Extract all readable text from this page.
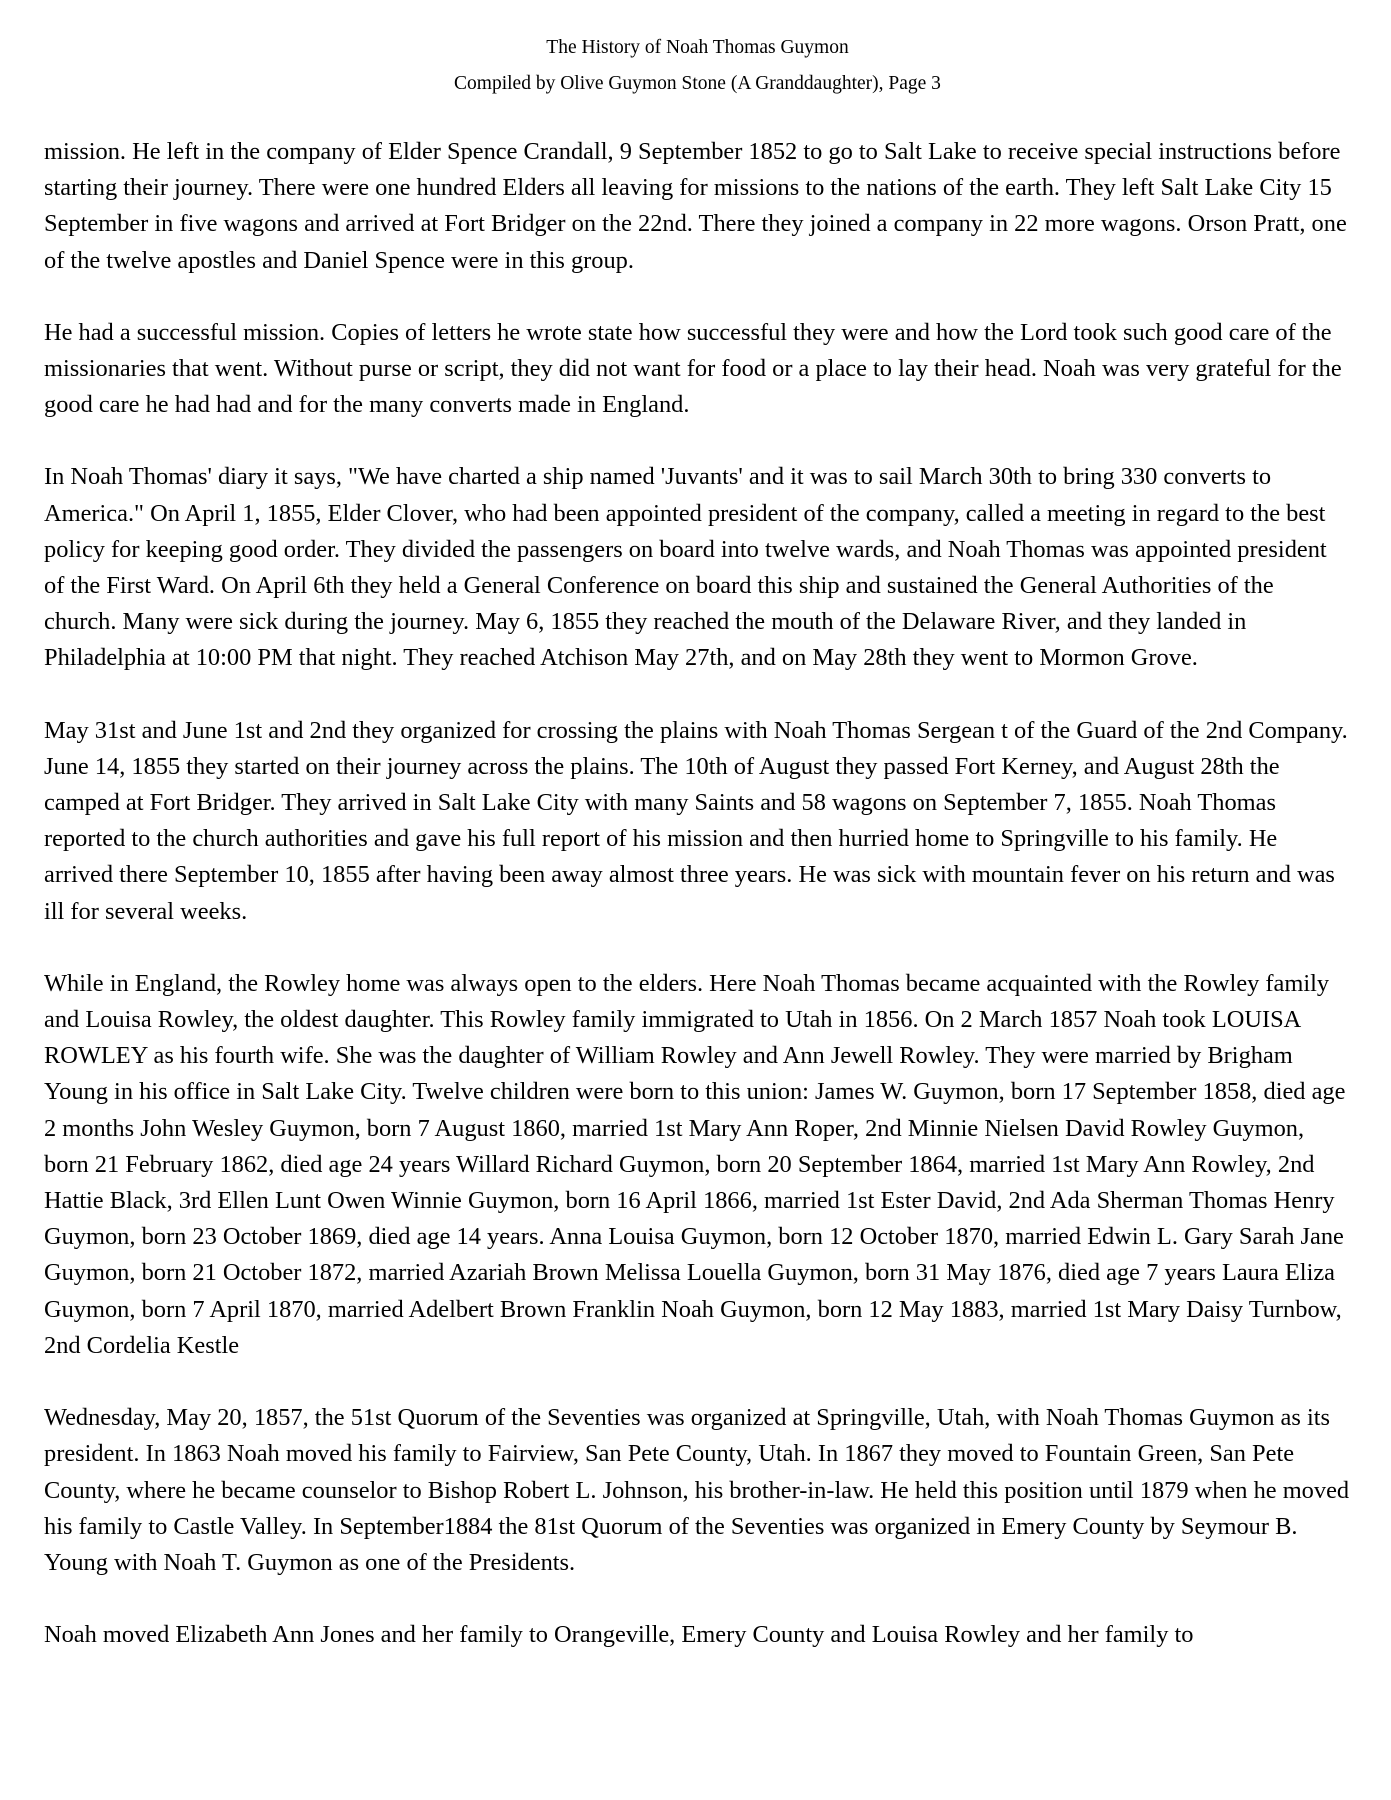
The History of Noah Thomas Guymon
Compiled by Olive Guymon Stone (A Granddaughter), Page 3

mission. He left in the company of Elder Spence Crandall, 9 September 1852 to go to Salt Lake to receive special instructions before starting their journey. There were one hundred Elders all leaving for missions to the nations of the earth. They left Salt Lake City 15 September in five wagons and arrived at Fort Bridger on the 22nd. There they joined a company in 22 more wagons. Orson Pratt, one of the twelve apostles and Daniel Spence were in this group.

He had a successful mission. Copies of letters he wrote state how successful they were and how the Lord took such good care of the missionaries that went. Without purse or script, they did not want for food or a place to lay their head. Noah was very grateful for the good care he had had and for the many converts made in England.

In Noah Thomas' diary it says, "We have charted a ship named 'Juvants' and it was to sail March 30th to bring 330 converts to America." On April 1, 1855, Elder Clover, who had been appointed president of the company, called a meeting in regard to the best policy for keeping good order. They divided the passengers on board into twelve wards, and Noah Thomas was appointed president of the First Ward. On April 6th they held a General Conference on board this ship and sustained the General Authorities of the church. Many were sick during the journey. May 6, 1855 they reached the mouth of the Delaware River, and they landed in Philadelphia at 10:00 PM that night. They reached Atchison May 27th, and on May 28th they went to Mormon Grove.

May 31st and June 1st and 2nd they organized for crossing the plains with Noah Thomas Sergean t of the Guard of the 2nd Company. June 14, 1855 they started on their journey across the plains. The 10th of August they passed Fort Kerney, and August 28th the camped at Fort Bridger. They arrived in Salt Lake City with many Saints and 58 wagons on September 7, 1855. Noah Thomas reported to the church authorities and gave his full report of his mission and then hurried home to Springville to his family. He arrived there September 10, 1855 after having been away almost three years. He was sick with mountain fever on his return and was ill for several weeks.

While in England, the Rowley home was always open to the elders. Here Noah Thomas became acquainted with the Rowley family and Louisa Rowley, the oldest daughter. This Rowley family immigrated to Utah in 1856. On 2 March 1857 Noah took LOUISA ROWLEY as his fourth wife. She was the daughter of William Rowley and Ann Jewell Rowley. They were married by Brigham Young in his office in Salt Lake City. Twelve children were born to this union: James W. Guymon, born 17 September 1858, died age 2 months John Wesley Guymon, born 7 August 1860, married 1st Mary Ann Roper, 2nd Minnie Nielsen David Rowley Guymon, born 21 February 1862, died age 24 years Willard Richard Guymon, born 20 September 1864, married 1st Mary Ann Rowley, 2nd Hattie Black, 3rd Ellen Lunt Owen Winnie Guymon, born 16 April 1866, married 1st Ester David, 2nd Ada Sherman Thomas Henry Guymon, born 23 October 1869, died age 14 years. Anna Louisa Guymon, born 12 October 1870, married Edwin L. Gary Sarah Jane Guymon, born 21 October 1872, married Azariah Brown Melissa Louella Guymon, born 31 May 1876, died age 7 years Laura Eliza Guymon, born 7 April 1870, married Adelbert Brown Franklin Noah Guymon, born 12 May 1883, married 1st Mary Daisy Turnbow, 2nd Cordelia Kestle

Wednesday, May 20, 1857, the 51st Quorum of the Seventies was organized at Springville, Utah, with Noah Thomas Guymon as its president. In 1863 Noah moved his family to Fairview, San Pete County, Utah. In 1867 they moved to Fountain Green, San Pete County, where he became counselor to Bishop Robert L. Johnson, his brother-in-law. He held this position until 1879 when he moved his family to Castle Valley. In September1884 the 81st Quorum of the Seventies was organized in Emery County by Seymour B. Young with Noah T. Guymon as one of the Presidents.

Noah moved Elizabeth Ann Jones and her family to Orangeville, Emery County and Louisa Rowley and her family to
